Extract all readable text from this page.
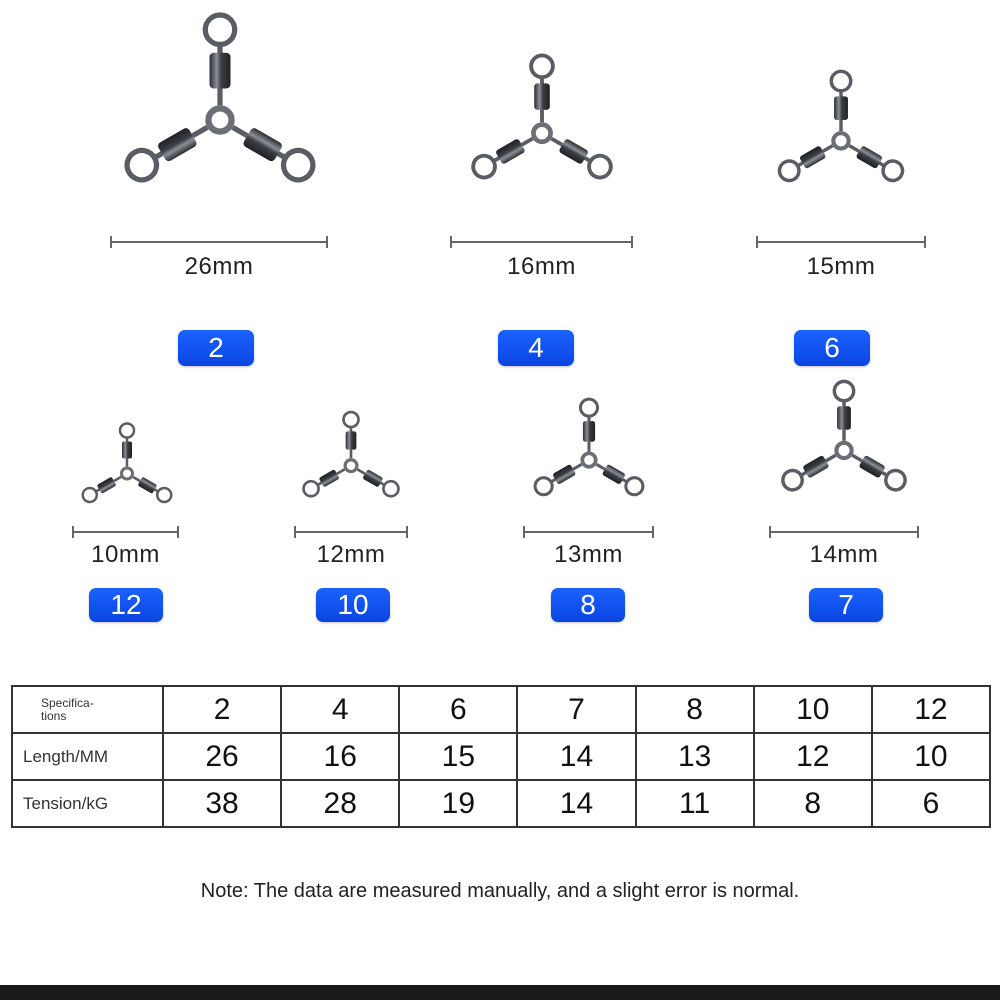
26mm
2
16mm
4
15mm
6
10mm
12
12mm
10
13mm
8
14mm
7
Specifica-
tions	2	4	6	7	8	10	12
Length/MM	26	16	15	14	13	12	10
Tension/kG	38	28	19	14	11	8	6
Note: The data are measured manually, and a slight error is normal.
